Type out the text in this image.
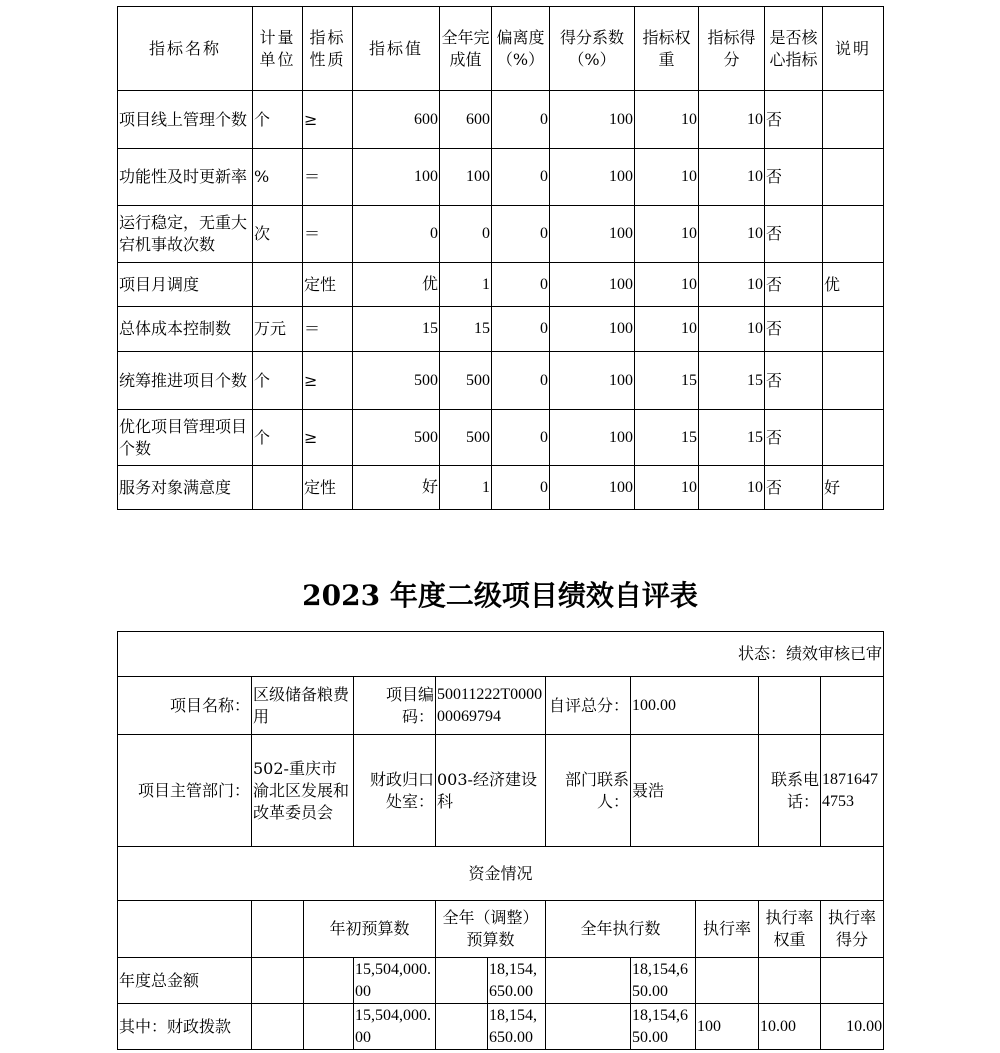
指标名称	计量单位	指标性质	指标值	全年完成值	偏离度（%）	得分系数（%）	指标权重	指标得分	是否核心指标	说明
项目线上管理个数	个	≥	600	600	0	100	10	10	否	
功能性及时更新率	%	＝	100	100	0	100	10	10	否	
运行稳定，无重大宕机事故次数	次	＝	0	0	0	100	10	10	否	
项目月调度		定性	优	1	0	100	10	10	否	优
总体成本控制数	万元	＝	15	15	0	100	10	10	否	
统筹推进项目个数	个	≥	500	500	0	100	15	15	否	
优化项目管理项目个数	个	≥	500	500	0	100	15	15	否	
服务对象满意度		定性	好	1	0	100	10	10	否	好
2023 年度二级项目绩效自评表
状态：绩效审核已审										
项目名称：	区级储备粮费用		项目编码：	50011222T000000069794		自评总分：	100.00			
项目主管部门：	502-重庆市渝北区发展和改革委员会		财政归口处室：	003-经济建设科		部门联系人：	聂浩		联系电话：	18716474753
资金情况										
		年初预算数		全年（调整）预算数		全年执行数		执行率	执行率权重	执行率得分
年度总金额			15,504,000.00		18,154,650.00		18,154,650.00			
其中：财政拨款			15,504,000.00		18,154,650.00		18,154,650.00	100	10.00	10.00
